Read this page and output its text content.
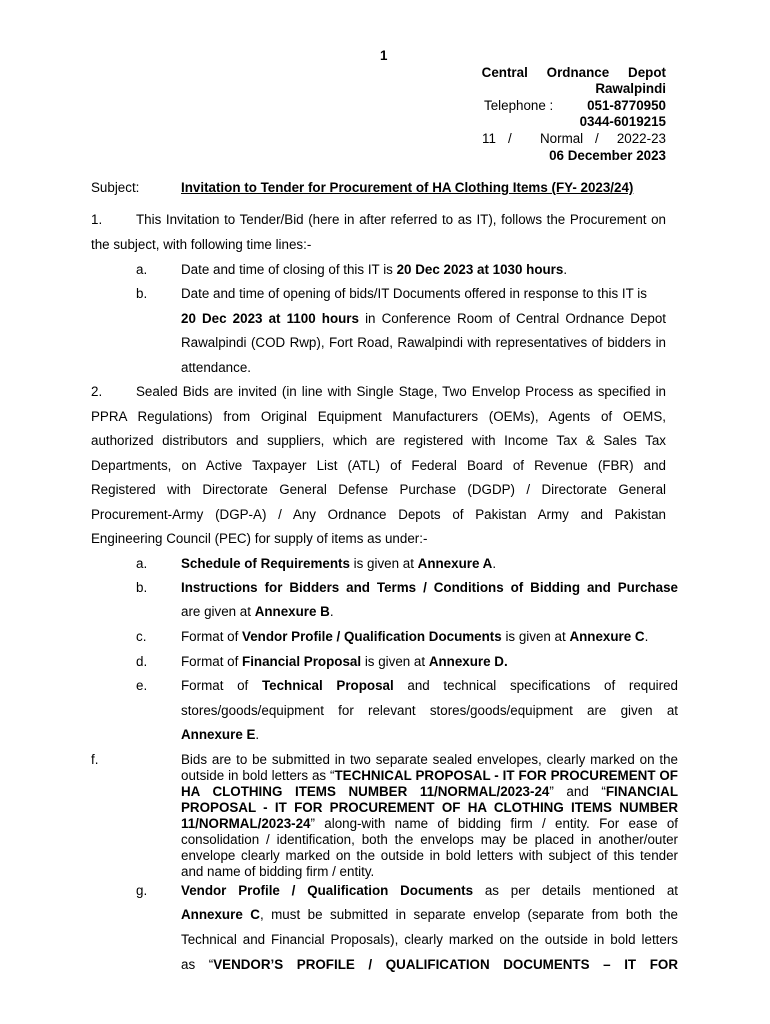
1
Central    Ordnance    Depot
Rawalpindi
Telephone :	051-8770950
0344-6019215
11 / Normal / 2022-23
06 December 2023
Subject:	Invitation to Tender for Procurement of HA Clothing Items (FY- 2023/24)
1.	This Invitation to Tender/Bid (here in after referred to as IT), follows the Procurement on
the subject, with following time lines:-
a.	Date and time of closing of this IT is 20 Dec 2023 at 1030 hours.
b.	Date and time of opening of bids/IT Documents offered in response to this IT is
20 Dec 2023 at 1100 hours in Conference Room of Central Ordnance Depot
Rawalpindi (COD Rwp), Fort Road, Rawalpindi with representatives of bidders in
attendance.
2.	Sealed Bids are invited (in line with Single Stage, Two Envelop Process as specified in
PPRA Regulations) from Original Equipment Manufacturers (OEMs), Agents of OEMS,
authorized distributors and suppliers, which are registered with Income Tax & Sales Tax
Departments, on Active Taxpayer List (ATL) of Federal Board of Revenue (FBR) and
Registered with Directorate General Defense Purchase (DGDP) / Directorate General
Procurement-Army (DGP-A) / Any Ordnance Depots of Pakistan Army and Pakistan
Engineering Council (PEC) for supply of items as under:-
a.	Schedule of Requirements is given at Annexure A.
b.	Instructions for Bidders and Terms / Conditions of Bidding and Purchase
are given at Annexure B.
c.	Format of Vendor Profile / Qualification Documents is given at Annexure C.
d.	Format of Financial Proposal is given at Annexure D.
e.	Format of Technical Proposal and technical specifications of required
stores/goods/equipment for relevant stores/goods/equipment are given at
Annexure E.
f.	Bids are to be submitted in two separate sealed envelopes, clearly marked on the outside in bold letters as “TECHNICAL PROPOSAL - IT FOR PROCUREMENT OF HA CLOTHING ITEMS NUMBER 11/NORMAL/2023-24” and “FINANCIAL PROPOSAL - IT FOR PROCUREMENT OF HA CLOTHING ITEMS NUMBER 11/NORMAL/2023-24” along-with name of bidding firm / entity. For ease of consolidation / identification, both the envelops may be placed in another/outer envelope clearly marked on the outside in bold letters with subject of this tender and name of bidding firm / entity.
g.	Vendor Profile / Qualification Documents as per details mentioned at
Annexure C, must be submitted in separate envelop (separate from both the
Technical and Financial Proposals), clearly marked on the outside in bold letters
as “VENDOR’S PROFILE / QUALIFICATION DOCUMENTS – IT FOR
